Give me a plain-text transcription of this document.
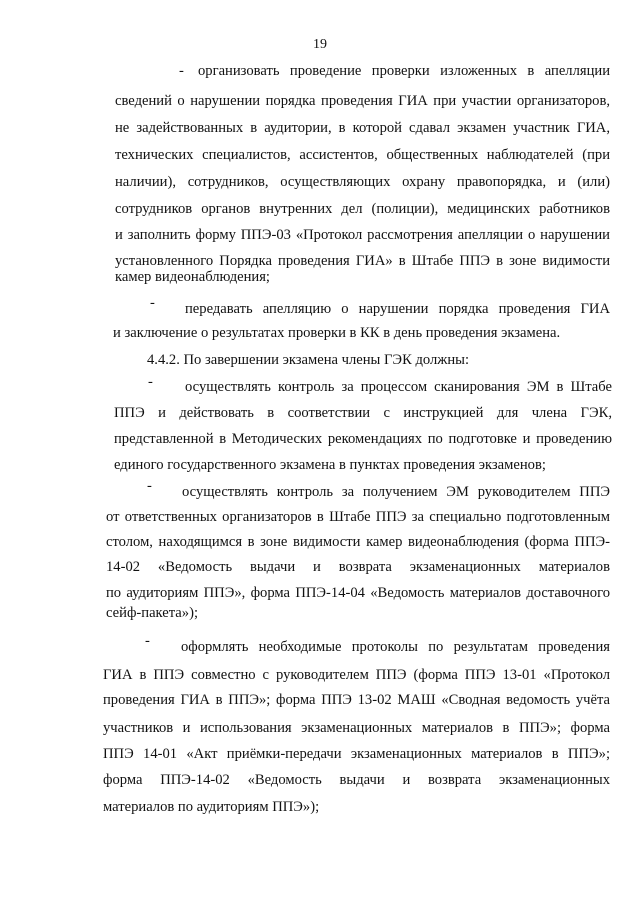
19
- организовать проведение проверки изложенных в апелляции
сведений о нарушении порядка проведения ГИА при участии организаторов,
не задействованных в аудитории, в которой сдавал экзамен участник ГИА,
технических специалистов, ассистентов, общественных наблюдателей (при
наличии), сотрудников, осуществляющих охрану правопорядка, и (или)
сотрудников органов внутренних дел (полиции), медицинских работников
и заполнить форму ППЭ-03 «Протокол рассмотрения апелляции о нарушении
установленного Порядка проведения ГИА» в Штабе ППЭ в зоне видимости
камер видеонаблюдения;
- передавать апелляцию о нарушении порядка проведения ГИА
и заключение о результатах проверки в КК в день проведения экзамена.
4.4.2. По завершении экзамена члены ГЭК должны:
- осуществлять контроль за процессом сканирования ЭМ в Штабе
ППЭ и действовать в соответствии с инструкцией для члена ГЭК,
представленной в Методических рекомендациях по подготовке и проведению
единого государственного экзамена в пунктах проведения экзаменов;
- осуществлять контроль за получением ЭМ руководителем ППЭ
от ответственных организаторов в Штабе ППЭ за специально подготовленным
столом, находящимся в зоне видимости камер видеонаблюдения (форма ППЭ-
14-02 «Ведомость выдачи и возврата экзаменационных материалов
по аудиториям ППЭ», форма ППЭ-14-04 «Ведомость материалов доставочного
сейф-пакета»);
- оформлять необходимые протоколы по результатам проведения
ГИА в ППЭ совместно с руководителем ППЭ (форма ППЭ 13-01 «Протокол
проведения ГИА в ППЭ»; форма ППЭ 13-02 МАШ «Сводная ведомость учёта
участников и использования экзаменационных материалов в ППЭ»; форма
ППЭ 14-01 «Акт приёмки-передачи экзаменационных материалов в ППЭ»;
форма ППЭ-14-02 «Ведомость выдачи и возврата экзаменационных
материалов по аудиториям ППЭ»);
